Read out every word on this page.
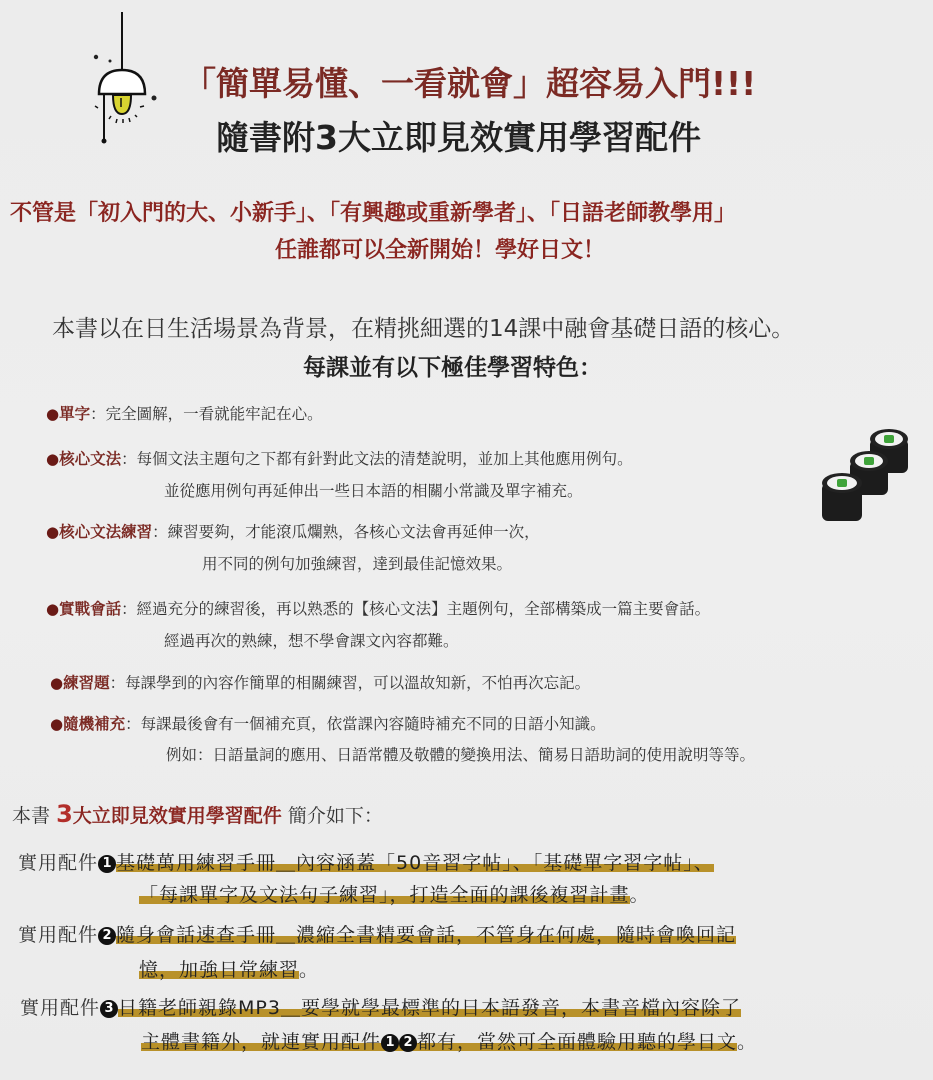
「簡單易懂、一看就會」超容易入門!!!
隨書附3大立即見效實用學習配件
不管是「初入門的大、小新手」、「有興趣或重新學者」、「日語老師教學用」
任誰都可以全新開始！學好日文！
本書以在日生活場景為背景，在精挑細選的14課中融會基礎日語的核心。
每課並有以下極佳學習特色：
●單字：完全圖解，一看就能牢記在心。
●核心文法：每個文法主題句之下都有針對此文法的清楚說明，並加上其他應用例句。
並從應用例句再延伸出一些日本語的相關小常識及單字補充。
●核心文法練習：練習要夠，才能滾瓜爛熟，各核心文法會再延伸一次，
用不同的例句加強練習，達到最佳記憶效果。
●實戰會話：經過充分的練習後，再以熟悉的【核心文法】主題例句，全部構築成一篇主要會話。
經過再次的熟練，想不學會課文內容都難。
●練習題：每課學到的內容作簡單的相關練習，可以溫故知新，不怕再次忘記。
●隨機補充：每課最後會有一個補充頁，依當課內容隨時補充不同的日語小知識。
例如：日語量詞的應用、日語常體及敬體的變換用法、簡易日語助詞的使用說明等等。
本書 3大立即見效實用學習配件 簡介如下：
實用配件 1 基礎萬用練習手冊＿內容涵蓋「50音習字帖」、「基礎單字習字帖」、
「每課單字及文法句子練習」，打造全面的課後複習計畫。
實用配件 2 隨身會話速查手冊＿濃縮全書精要會話，不管身在何處，隨時會喚回記
憶，加強日常練習。
實用配件 3 日籍老師親錄MP3＿要學就學最標準的日本語發音，本書音檔內容除了
主體書籍外，就連實用配件 1 2 都有，當然可全面體驗用聽的學日文。
